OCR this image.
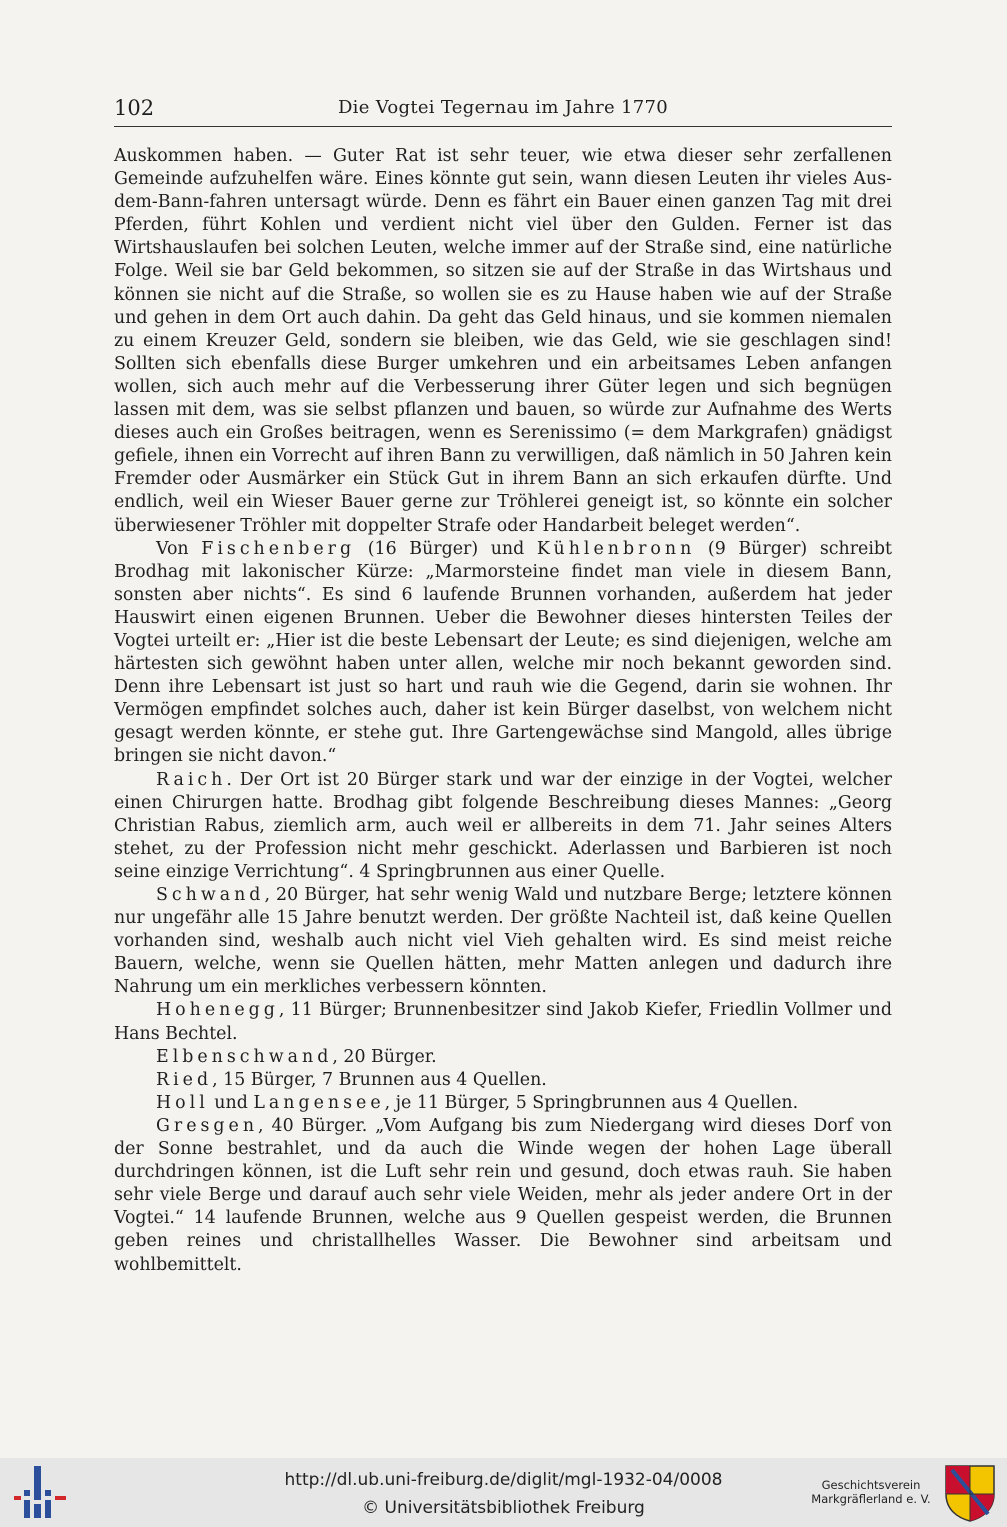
102	Die Vogtei Tegernau im Jahre 1770

Auskommen haben. — Guter Rat ist sehr teuer, wie etwa dieser sehr zerfallenen Gemeinde aufzuhelfen wäre. Eines könnte gut sein, wann diesen Leuten ihr vieles Aus-dem-Bann-fahren untersagt würde. Denn es fährt ein Bauer einen ganzen Tag mit drei Pferden, führt Kohlen und verdient nicht viel über den Gulden. Ferner ist das Wirtshauslaufen bei solchen Leuten, welche immer auf der Straße sind, eine natürliche Folge. Weil sie bar Geld bekommen, so sitzen sie auf der Straße in das Wirtshaus und können sie nicht auf die Straße, so wollen sie es zu Hause haben wie auf der Straße und gehen in dem Ort auch dahin. Da geht das Geld hinaus, und sie kommen niemalen zu einem Kreuzer Geld, sondern sie bleiben, wie das Geld, wie sie geschlagen sind! Sollten sich ebenfalls diese Burger umkehren und ein arbeitsames Leben anfangen wollen, sich auch mehr auf die Verbesserung ihrer Güter legen und sich begnügen lassen mit dem, was sie selbst pflanzen und bauen, so würde zur Aufnahme des Werts dieses auch ein Großes beitragen, wenn es Serenissimo (= dem Markgrafen) gnädigst gefiele, ihnen ein Vorrecht auf ihren Bann zu verwilligen, daß nämlich in 50 Jahren kein Fremder oder Ausmärker ein Stück Gut in ihrem Bann an sich erkaufen dürfte. Und endlich, weil ein Wieser Bauer gerne zur Tröhlerei geneigt ist, so könnte ein solcher überwiesener Tröhler mit doppelter Strafe oder Handarbeit beleget werden“.

Von Fischenberg (16 Bürger) und Kühlenbronn (9 Bürger) schreibt Brodhag mit lakonischer Kürze: „Marmorsteine findet man viele in diesem Bann, sonsten aber nichts“. Es sind 6 laufende Brunnen vorhanden, außerdem hat jeder Hauswirt einen eigenen Brunnen. Ueber die Bewohner dieses hintersten Teiles der Vogtei urteilt er: „Hier ist die beste Lebensart der Leute; es sind diejenigen, welche am härtesten sich gewöhnt haben unter allen, welche mir noch bekannt geworden sind. Denn ihre Lebensart ist just so hart und rauh wie die Gegend, darin sie wohnen. Ihr Vermögen empfindet solches auch, daher ist kein Bürger daselbst, von welchem nicht gesagt werden könnte, er stehe gut. Ihre Gartengewächse sind Mangold, alles übrige bringen sie nicht davon.“

Raich. Der Ort ist 20 Bürger stark und war der einzige in der Vogtei, welcher einen Chirurgen hatte. Brodhag gibt folgende Beschreibung dieses Mannes: „Georg Christian Rabus, ziemlich arm, auch weil er allbereits in dem 71. Jahr seines Alters stehet, zu der Profession nicht mehr geschickt. Aderlassen und Barbieren ist noch seine einzige Verrichtung“. 4 Springbrunnen aus einer Quelle.

Schwand, 20 Bürger, hat sehr wenig Wald und nutzbare Berge; letztere können nur ungefähr alle 15 Jahre benutzt werden. Der größte Nachteil ist, daß keine Quellen vorhanden sind, weshalb auch nicht viel Vieh gehalten wird. Es sind meist reiche Bauern, welche, wenn sie Quellen hätten, mehr Matten anlegen und dadurch ihre Nahrung um ein merkliches verbessern könnten.

Hohenegg, 11 Bürger; Brunnenbesitzer sind Jakob Kiefer, Friedlin Vollmer und Hans Bechtel.

Elbenschwand, 20 Bürger.

Ried, 15 Bürger, 7 Brunnen aus 4 Quellen.

Holl und Langensee, je 11 Bürger, 5 Springbrunnen aus 4 Quellen.

Gresgen, 40 Bürger. „Vom Aufgang bis zum Niedergang wird dieses Dorf von der Sonne bestrahlet, und da auch die Winde wegen der hohen Lage überall durchdringen können, ist die Luft sehr rein und gesund, doch etwas rauh. Sie haben sehr viele Berge und darauf auch sehr viele Weiden, mehr als jeder andere Ort in der Vogtei.“ 14 laufende Brunnen, welche aus 9 Quellen gespeist werden, die Brunnen geben reines und christallhelles Wasser. Die Bewohner sind arbeitsam und wohlbemittelt.

http://dl.ub.uni-freiburg.de/diglit/mgl-1932-04/0008
© Universitätsbibliothek Freiburg
Geschichtsverein
Markgräflerland e. V.
